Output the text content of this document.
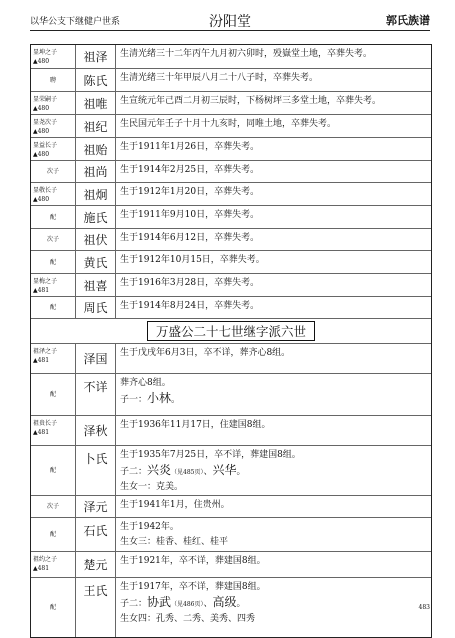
以华公支下继健户世系	汾阳堂	郭氏族谱
显坤之子
▲480	祖泽	生清光绪三十二年丙午九月初六卯时，殁嶽堂土地，卒葬失考。
聘	陈氏	生清光绪三十年甲辰八月二十八子时，卒葬失考。
显荣嗣子
▲480	祖唯	生宣统元年己酉二月初三辰时，下杨树坪三多堂土地，卒葬失考。
显尧次子
▲480	祖纪	生民国元年壬子十月十九亥时，同唯土地，卒葬失考。
显益长子
▲480	祖贻	生于1911年1月26日，卒葬失考。
次子	祖尚	生于1914年2月25日，卒葬失考。
显敬长子
▲480	祖炯	生于1912年1月20日，卒葬失考。
配	施氏	生于1911年9月10日，卒葬失考。
次子	祖伏	生于1914年6月12日，卒葬失考。
配	黄氏	生于1912年10月15日，卒葬失考。
显梅之子
▲481	祖喜	生于1916年3月28日，卒葬失考。
配	周氏	生于1914年8月24日，卒葬失考。
万盛公二十七世继字派六世
祖泽之子
▲481	泽国	生于戊戌年6月3日，卒不详，葬齐心8组。
配
不详	葬齐心8组。
子一：小林。
祖贵长子
▲481	泽秋	生于1936年11月17日，住建国8组。
配
卜氏	生于1935年7月25日，卒不详，葬建国8组。
子二：兴炎（见485页）、兴华。
生女一：克美。
次子	泽元	生于1941年1月，住贵州。
配	石氏	生于1942年。
生女三：桂香、桂红、桂平
祖约之子
▲481	楚元	生于1921年，卒不详，葬建国8组。
配
王氏	生于1917年，卒不详，葬建国8组。
子二：协武（见486页）、高级。
生女四：孔秀、二秀、美秀、四秀
483
